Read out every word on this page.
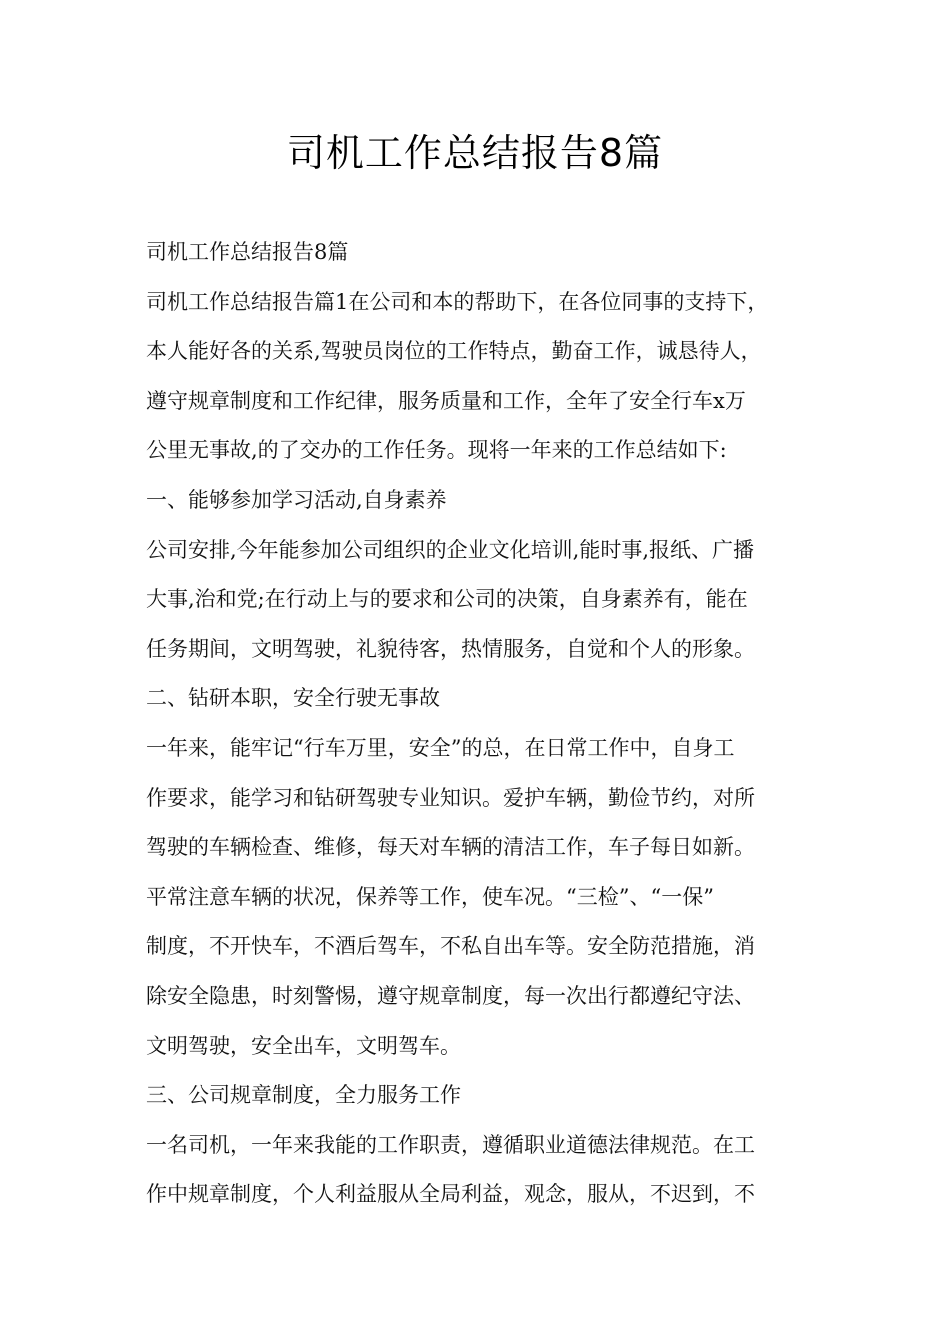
司机工作总结报告8篇

司机工作总结报告8篇

司机工作总结报告篇1在公司和本的帮助下，在各位同事的支持下，

本人能好各的关系,驾驶员岗位的工作特点，勤奋工作，诚恳待人，

遵守规章制度和工作纪律，服务质量和工作，全年了安全行车x万

公里无事故,的了交办的工作任务。现将一年来的工作总结如下:

一、能够参加学习活动,自身素养

公司安排,今年能参加公司组织的企业文化培训,能时事,报纸、广播

大事,治和党;在行动上与的要求和公司的决策，自身素养有，能在

任务期间，文明驾驶，礼貌待客，热情服务，自觉和个人的形象。

二、钻研本职，安全行驶无事故

一年来，能牢记“行车万里，安全”的总，在日常工作中，自身工

作要求，能学习和钻研驾驶专业知识。爱护车辆，勤俭节约，对所

驾驶的车辆检查、维修，每天对车辆的清洁工作，车子每日如新。

平常注意车辆的状况，保养等工作，使车况。“三检”、“一保”

制度，不开快车，不酒后驾车，不私自出车等。安全防范措施，消

除安全隐患，时刻警惕，遵守规章制度，每一次出行都遵纪守法、

文明驾驶，安全出车，文明驾车。

三、公司规章制度，全力服务工作

一名司机，一年来我能的工作职责，遵循职业道德法律规范。在工

作中规章制度，个人利益服从全局利益，观念，服从，不迟到，不
